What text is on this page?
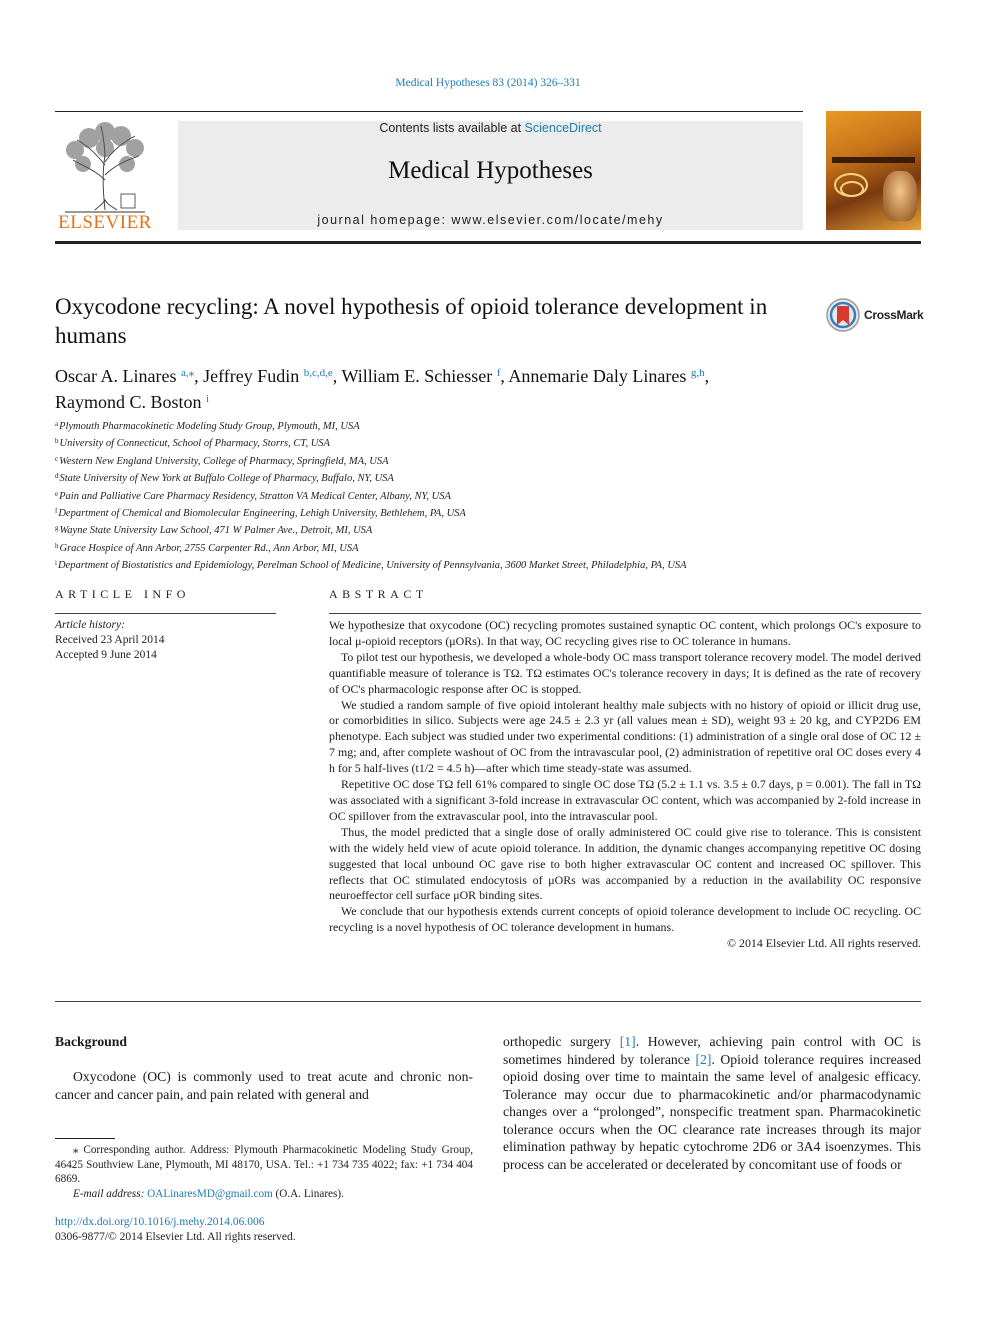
Medical Hypotheses 83 (2014) 326–331
ELSEVIER
Contents lists available at ScienceDirect
Medical Hypotheses
journal homepage: www.elsevier.com/locate/mehy
Oxycodone recycling: A novel hypothesis of opioid tolerance development in humans
CrossMark
Oscar A. Linares $^{a,⁎}$, Jeffrey Fudin $^{b,c,d,e}$, William E. Schiesser $^f$, Annemarie Daly Linares $^{g,h}$,
Raymond C. Boston $^i$
$^a$Plymouth Pharmacokinetic Modeling Study Group, Plymouth, MI, USA
$^b$University of Connecticut, School of Pharmacy, Storrs, CT, USA
$^c$Western New England University, College of Pharmacy, Springfield, MA, USA
$^d$State University of New York at Buffalo College of Pharmacy, Buffalo, NY, USA
$^e$Pain and Palliative Care Pharmacy Residency, Stratton VA Medical Center, Albany, NY, USA
$^f$Department of Chemical and Biomolecular Engineering, Lehigh University, Bethlehem, PA, USA
$^g$Wayne State University Law School, 471 W Palmer Ave., Detroit, MI, USA
$^h$Grace Hospice of Ann Arbor, 2755 Carpenter Rd., Ann Arbor, MI, USA
$^i$Department of Biostatistics and Epidemiology, Perelman School of Medicine, University of Pennsylvania, 3600 Market Street, Philadelphia, PA, USA
ARTICLE INFO	ABSTRACT
Article history:
Received 23 April 2014
Accepted 9 June 2014

We hypothesize that oxycodone (OC) recycling promotes sustained synaptic OC content, which prolongs OC's exposure to local μ-opioid receptors (μORs). In that way, OC recycling gives rise to OC tolerance in humans.

To pilot test our hypothesis, we developed a whole-body OC mass transport tolerance recovery model. The model derived quantifiable measure of tolerance is TΩ. TΩ estimates OC's tolerance recovery in days; It is defined as the rate of recovery of OC's pharmacologic response after OC is stopped.

We studied a random sample of five opioid intolerant healthy male subjects with no history of opioid or illicit drug use, or comorbidities in silico. Subjects were age 24.5 ± 2.3 yr (all values mean ± SD), weight 93 ± 20 kg, and CYP2D6 EM phenotype. Each subject was studied under two experimental conditions: (1) administration of a single oral dose of OC 12 ± 7 mg; and, after complete washout of OC from the intravascular pool, (2) administration of repetitive oral OC doses every 4 h for 5 half-lives (t1/2 = 4.5 h)—after which time steady-state was assumed.

Repetitive OC dose TΩ fell 61% compared to single OC dose TΩ (5.2 ± 1.1 vs. 3.5 ± 0.7 days, p = 0.001). The fall in TΩ was associated with a significant 3-fold increase in extravascular OC content, which was accompanied by 2-fold increase in OC spillover from the extravascular pool, into the intravascular pool.

Thus, the model predicted that a single dose of orally administered OC could give rise to tolerance. This is consistent with the widely held view of acute opioid tolerance. In addition, the dynamic changes accompanying repetitive OC dosing suggested that local unbound OC gave rise to both higher extravascular OC content and increased OC spillover. This reflects that OC stimulated endocytosis of μORs was accompanied by a reduction in the availability OC responsive neuroeffector cell surface μOR binding sites.

We conclude that our hypothesis extends current concepts of opioid tolerance development to include OC recycling. OC recycling is a novel hypothesis of OC tolerance development in humans.

© 2014 Elsevier Ltd. All rights reserved.

Background

Oxycodone (OC) is commonly used to treat acute and chronic non-cancer and cancer pain, and pain related with general and

orthopedic surgery [1]. However, achieving pain control with OC is sometimes hindered by tolerance [2]. Opioid tolerance requires increased opioid dosing over time to maintain the same level of analgesic efficacy. Tolerance may occur due to pharmacokinetic and/or pharmacodynamic changes over a “prolonged”, nonspecific treatment span. Pharmacokinetic tolerance occurs when the OC clearance rate increases through its major elimination pathway by hepatic cytochrome 2D6 or 3A4 isoenzymes. This process can be accelerated or decelerated by concomitant use of foods or

⁎ Corresponding author. Address: Plymouth Pharmacokinetic Modeling Study Group, 46425 Southview Lane, Plymouth, MI 48170, USA. Tel.: +1 734 735 4022; fax: +1 734 404 6869.

E-mail address: OALinaresMD@gmail.com (O.A. Linares).

http://dx.doi.org/10.1016/j.mehy.2014.06.006
0306-9877/© 2014 Elsevier Ltd. All rights reserved.
